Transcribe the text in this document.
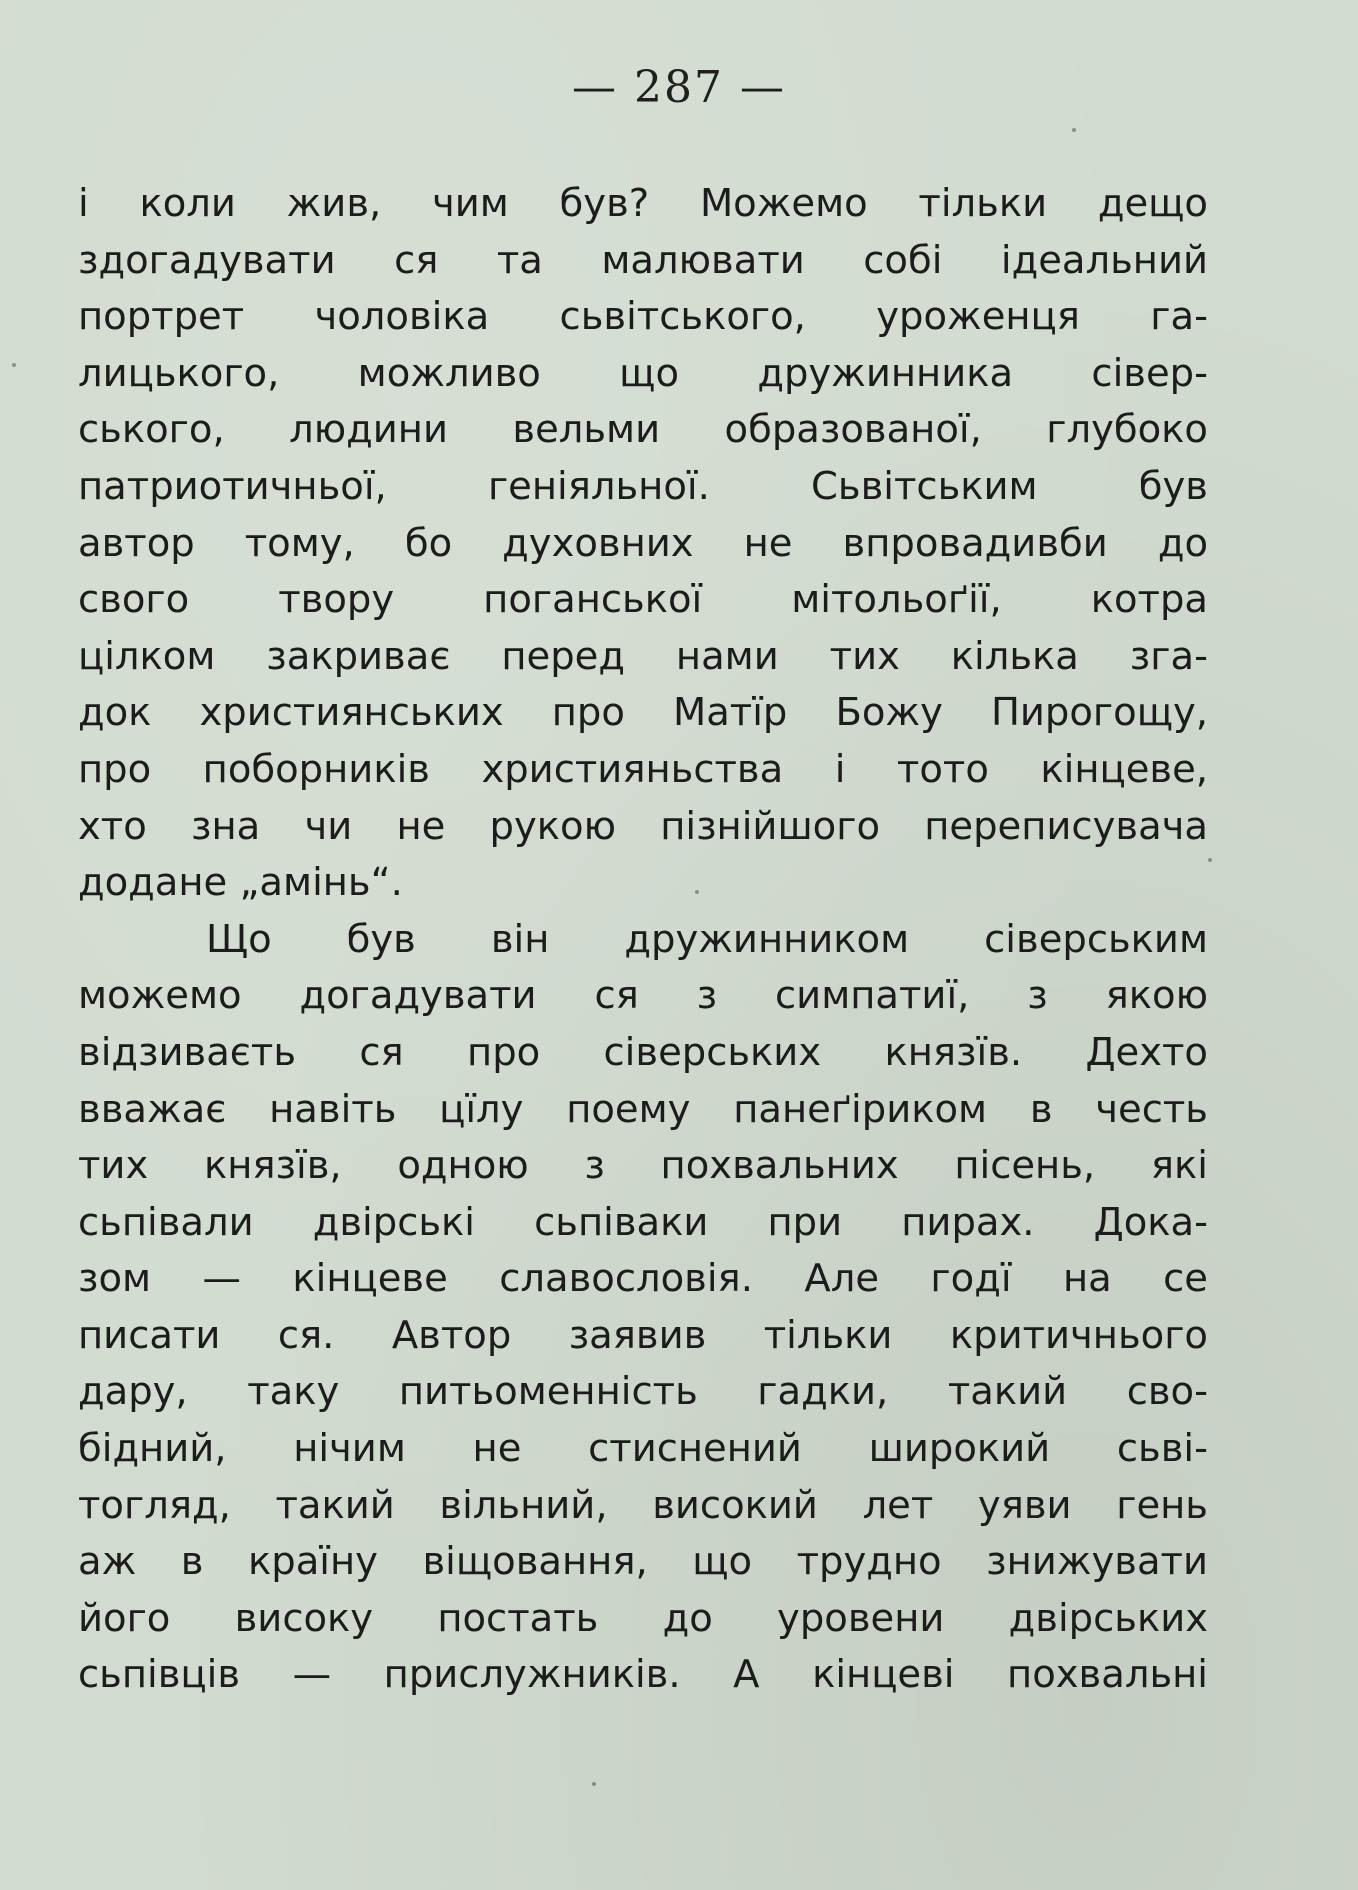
— 287 —
і коли жив, чим був? Можемо тільки дещо
здогадувати ся та малювати собі ідеальний
портрет чоловіка сьвітського, уроженця га-
лицького, можливо що дружинника сівер-
ського, людини вельми образованої, глубоко
патриотичньої, геніяльної. Сьвітським був
автор тому, бо духовних не впровадивби до
свого твору поганської мітольоґії, котра
цілком закриває перед нами тих кілька зга-
док християнських про Матїр Божу Пирогощу,
про поборників християньства і тото кінцеве,
хто зна чи не рукою пізнійшого переписувача
додане „амінь“.
Що був він дружинником сіверським
можемо догадувати ся з симпатиї, з якою
відзиваєть ся про сіверських князїв. Дехто
вважає навіть цїлу поему панеґіриком в честь
тих князїв, одною з похвальних пісень, які
сьпівали двірські сьпіваки при пирах. Дока-
зом — кінцеве славословія. Але годї на се
писати ся. Автор заявив тільки критичнього
дару, таку питьоменність гадки, такий сво-
бідний, нічим не стиснений широкий сьві-
тогляд, такий вільний, високий лет уяви гень
аж в країну віщовання, що трудно знижувати
його високу постать до уровени двірських
сьпівців — прислужників. А кінцеві похвальні
